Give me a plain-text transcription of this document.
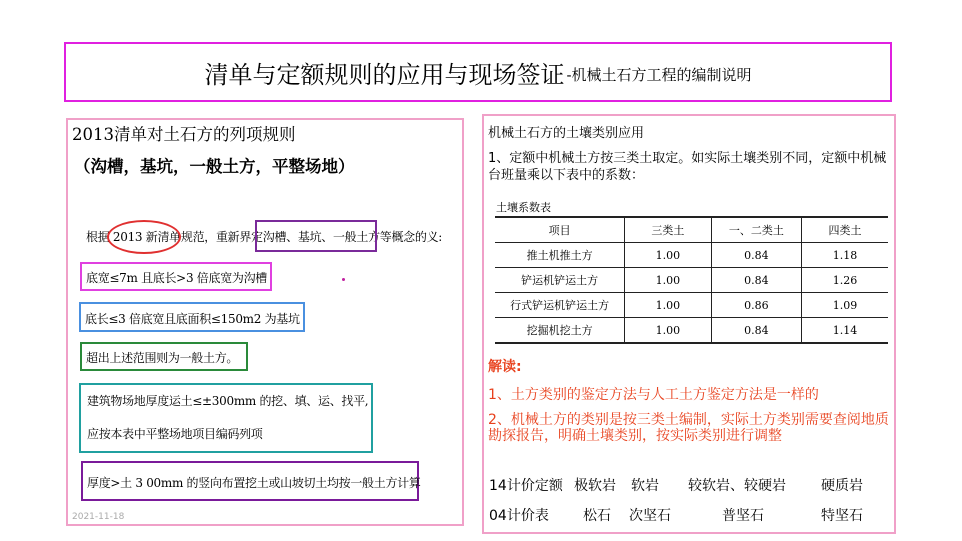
清单与定额规则的应用与现场签证 -机械土石方工程的编制说明
2013清单对土石方的列项规则
（沟槽，基坑，一般土方，平整场地）
根据 2013 新清单规范，重新界定沟槽、基坑、一般土方等概念的义:
底宽≤7m 且底长>3 倍底宽为沟槽
底长≤3 倍底宽且底面积≤150m2 为基坑
超出上述范围则为一般土方。
建筑物场地厚度运土≤±300mm 的挖、填、运、找平,
应按本表中平整场地项目编码列项
厚度>土 3 00mm 的竖向布置挖土或山坡切土均按一般土方计算
2021-11-18
机械土石方的土壤类别应用
1、定额中机械土方按三类土取定。如实际土壤类别不同，定额中机械台班量乘以下表中的系数：
土壤系数表
项目	三类土	一、二类土	四类土
推土机推土方	1.00	0.84	1.18
铲运机铲运土方	1.00	0.84	1.26
行式铲运机铲运土方	1.00	0.86	1.09
挖掘机挖土方	1.00	0.84	1.14
解读:
1、土方类别的鉴定方法与人工土方鉴定方法是一样的
2、机械土方的类别是按三类土编制，实际土方类别需要查阅地质勘探报告，明确土壤类别，按实际类别进行调整
14计价定额 极软岩 软岩 较软岩、较硬岩	硬质岩
04计价表 松石 次坚石	普坚石	特坚石
